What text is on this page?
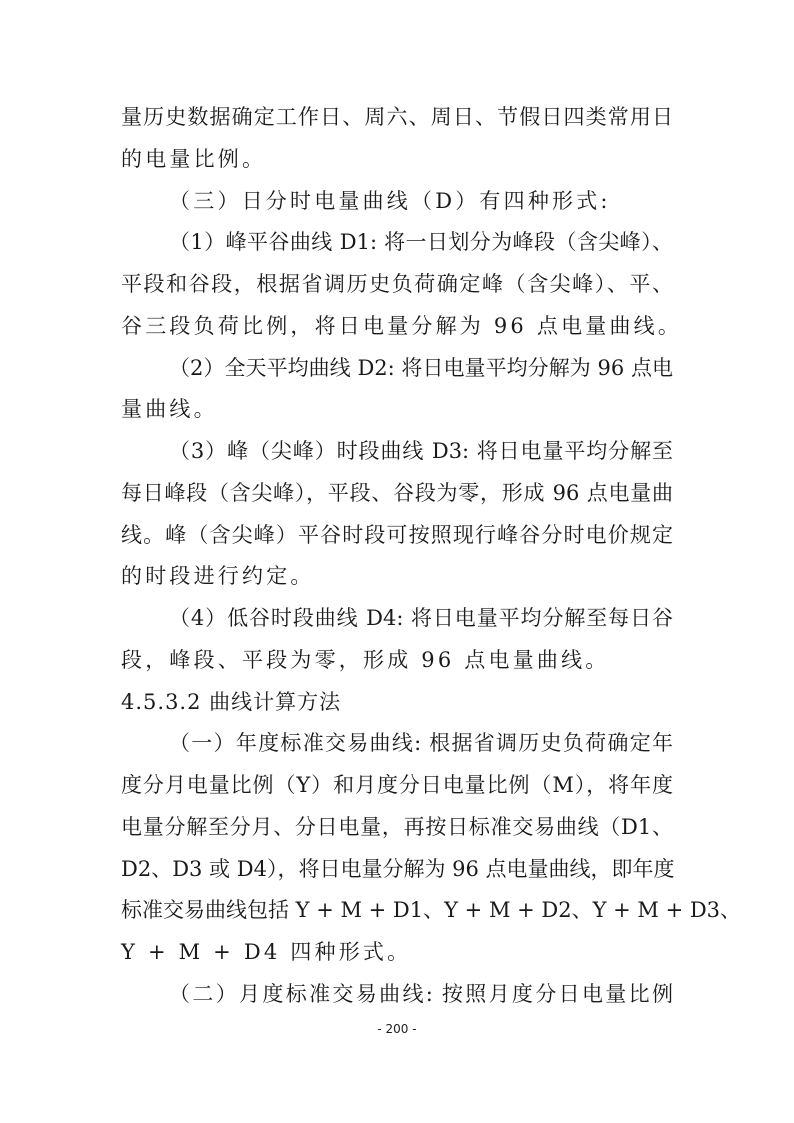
量历史数据确定工作日、周六、周日、节假日四类常用日
的电量比例。
（三）日分时电量曲线（D）有四种形式:
（1）峰平谷曲线 D1: 将一日划分为峰段（含尖峰）、
平段和谷段，根据省调历史负荷确定峰（含尖峰）、平、
谷三段负荷比例，将日电量分解为 96 点电量曲线。
（2）全天平均曲线 D2: 将日电量平均分解为 96 点电
量曲线。
（3）峰（尖峰）时段曲线 D3: 将日电量平均分解至
每日峰段（含尖峰），平段、谷段为零，形成 96 点电量曲
线。峰（含尖峰）平谷时段可按照现行峰谷分时电价规定
的时段进行约定。
（4）低谷时段曲线 D4: 将日电量平均分解至每日谷
段，峰段、平段为零，形成 96 点电量曲线。
4.5.3.2 曲线计算方法
（一）年度标准交易曲线: 根据省调历史负荷确定年
度分月电量比例（Y）和月度分日电量比例（M），将年度
电量分解至分月、分日电量，再按日标准交易曲线（D1、
D2、D3 或 D4），将日电量分解为 96 点电量曲线，即年度
标准交易曲线包括 Y + M + D1、Y + M + D2、Y + M + D3、
Y + M + D4 四种形式。
（二）月度标准交易曲线: 按照月度分日电量比例
- 200 -
